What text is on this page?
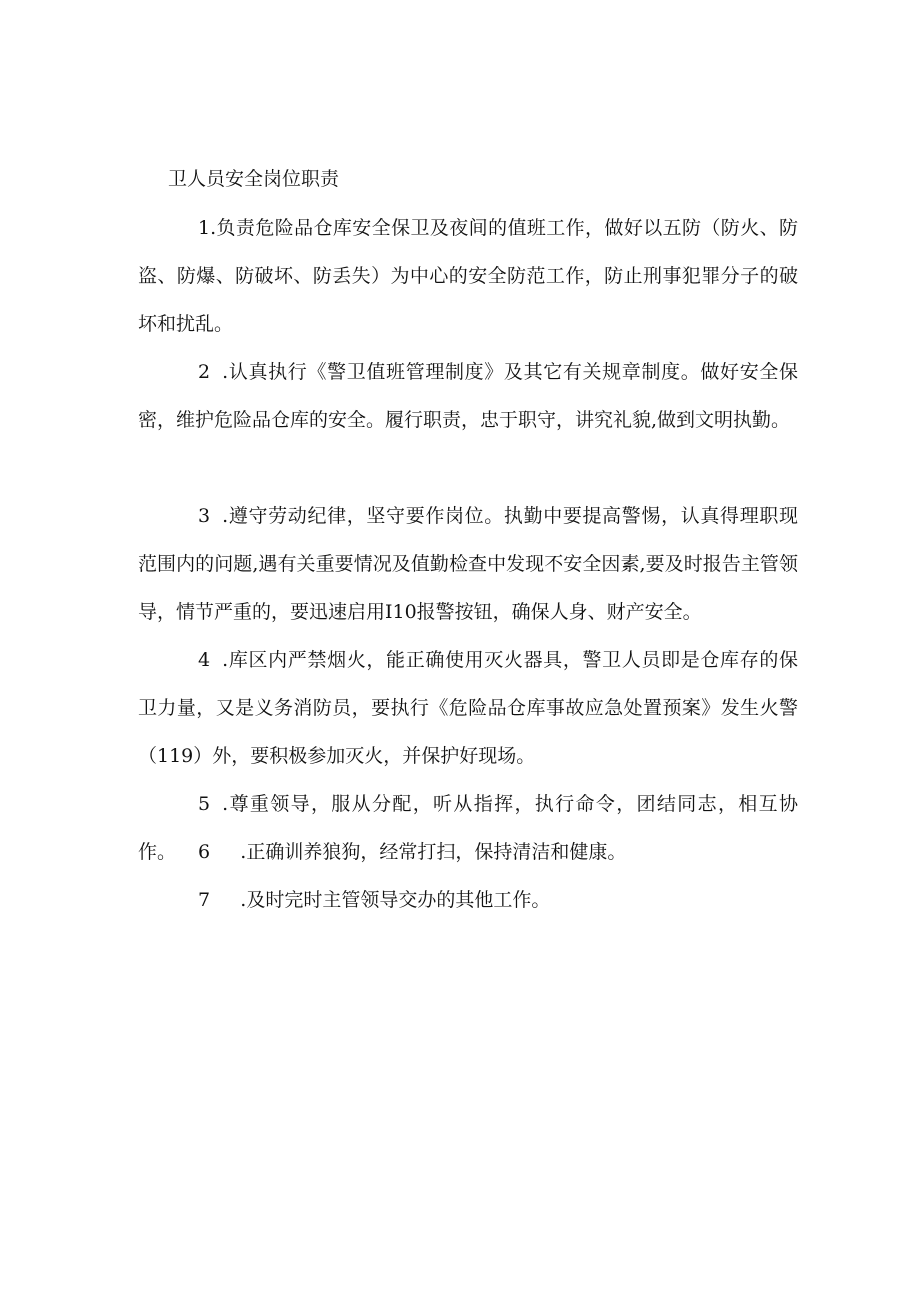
卫人员安全岗位职责

1.负责危险品仓库安全保卫及夜间的值班工作，做好以五防（防火、防盗、防爆、防破坏、防丢失）为中心的安全防范工作，防止刑事犯罪分子的破坏和扰乱。

2  .认真执行《警卫值班管理制度》及其它有关规章制度。做好安全保密，维护危险品仓库的安全。履行职责，忠于职守，讲究礼貌,做到文明执勤。

3  .遵守劳动纪律，坚守要作岗位。执勤中要提高警惕，认真得理职现范围内的问题,遇有关重要情况及值勤检查中发现不安全因素,要及时报告主管领导，情节严重的，要迅速启用I10报警按钮，确保人身、财产安全。

4  .库区内严禁烟火，能正确使用灭火器具，警卫人员即是仓库存的保卫力量，又是义务消防员，要执行《危险品仓库事故应急处置预案》发生火警（119）外，要积极参加灭火，并保护好现场。

5  .尊重领导，服从分配，听从指挥，执行命令，团结同志，相互协作。	6     .正确训养狼狗，经常打扫，保持清洁和健康。

7     .及时完时主管领导交办的其他工作。
